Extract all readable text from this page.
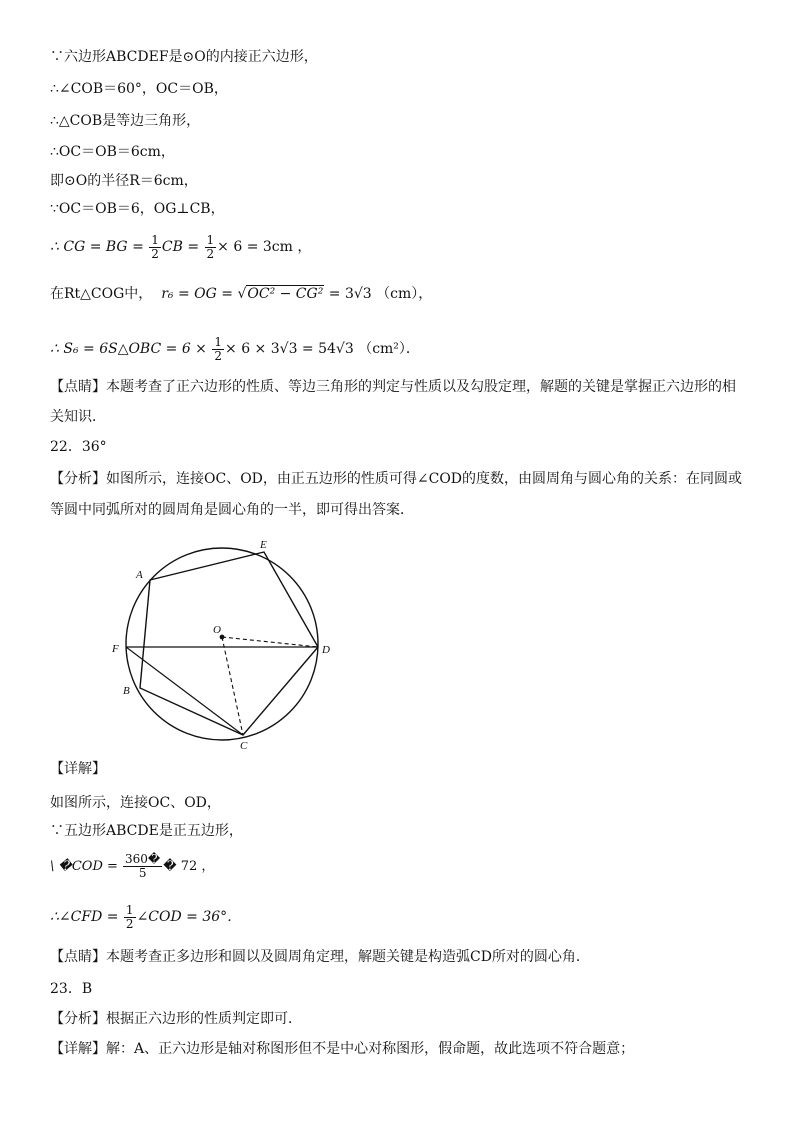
∵六边形ABCDEF是⊙O的内接正六边形，
∴∠COB＝60°，OC＝OB，
∴△COB是等边三角形，
∴OC＝OB＝6cm，
即⊙O的半径R＝6cm，
∵OC＝OB＝6，OG⊥CB，
∴ CG = BG = $\frac{1}{2}$ CB = $\frac{1}{2} \times 6 = 3cm$ ，
在Rt△COG中， r₆ = OG = √OC² − CG² = 3√3 （cm），
∴ S₆ = 6S△OBC = $6 \times \frac{1}{2} \times 6 \times 3√3 = 54√3$ （cm²）．
【点睛】本题考查了正六边形的性质、等边三角形的判定与性质以及勾股定理，解题的关键是掌握正六边形的相
关知识．
22．36°
【分析】如图所示，连接OC、OD，由正五边形的性质可得∠COD的度数，由圆周角与圆心角的关系：在同圆或
等圆中同弧所对的圆周角是圆心角的一半，即可得出答案．
A
E
O
F	D
B
C
【详解】
如图所示，连接OC、OD，
∵五边形ABCDE是正五边形，
\ �COD = $\frac{360�}{5}$ � 72 ，
∴∠CFD = $\frac{1}{2}$ ∠COD = 36°．
【点睛】本题考查正多边形和圆以及圆周角定理，解题关键是构造弧CD所对的圆心角．
23．B
【分析】根据正六边形的性质判定即可．
【详解】解：A、正六边形是轴对称图形但不是中心对称图形，假命题，故此选项不符合题意；
